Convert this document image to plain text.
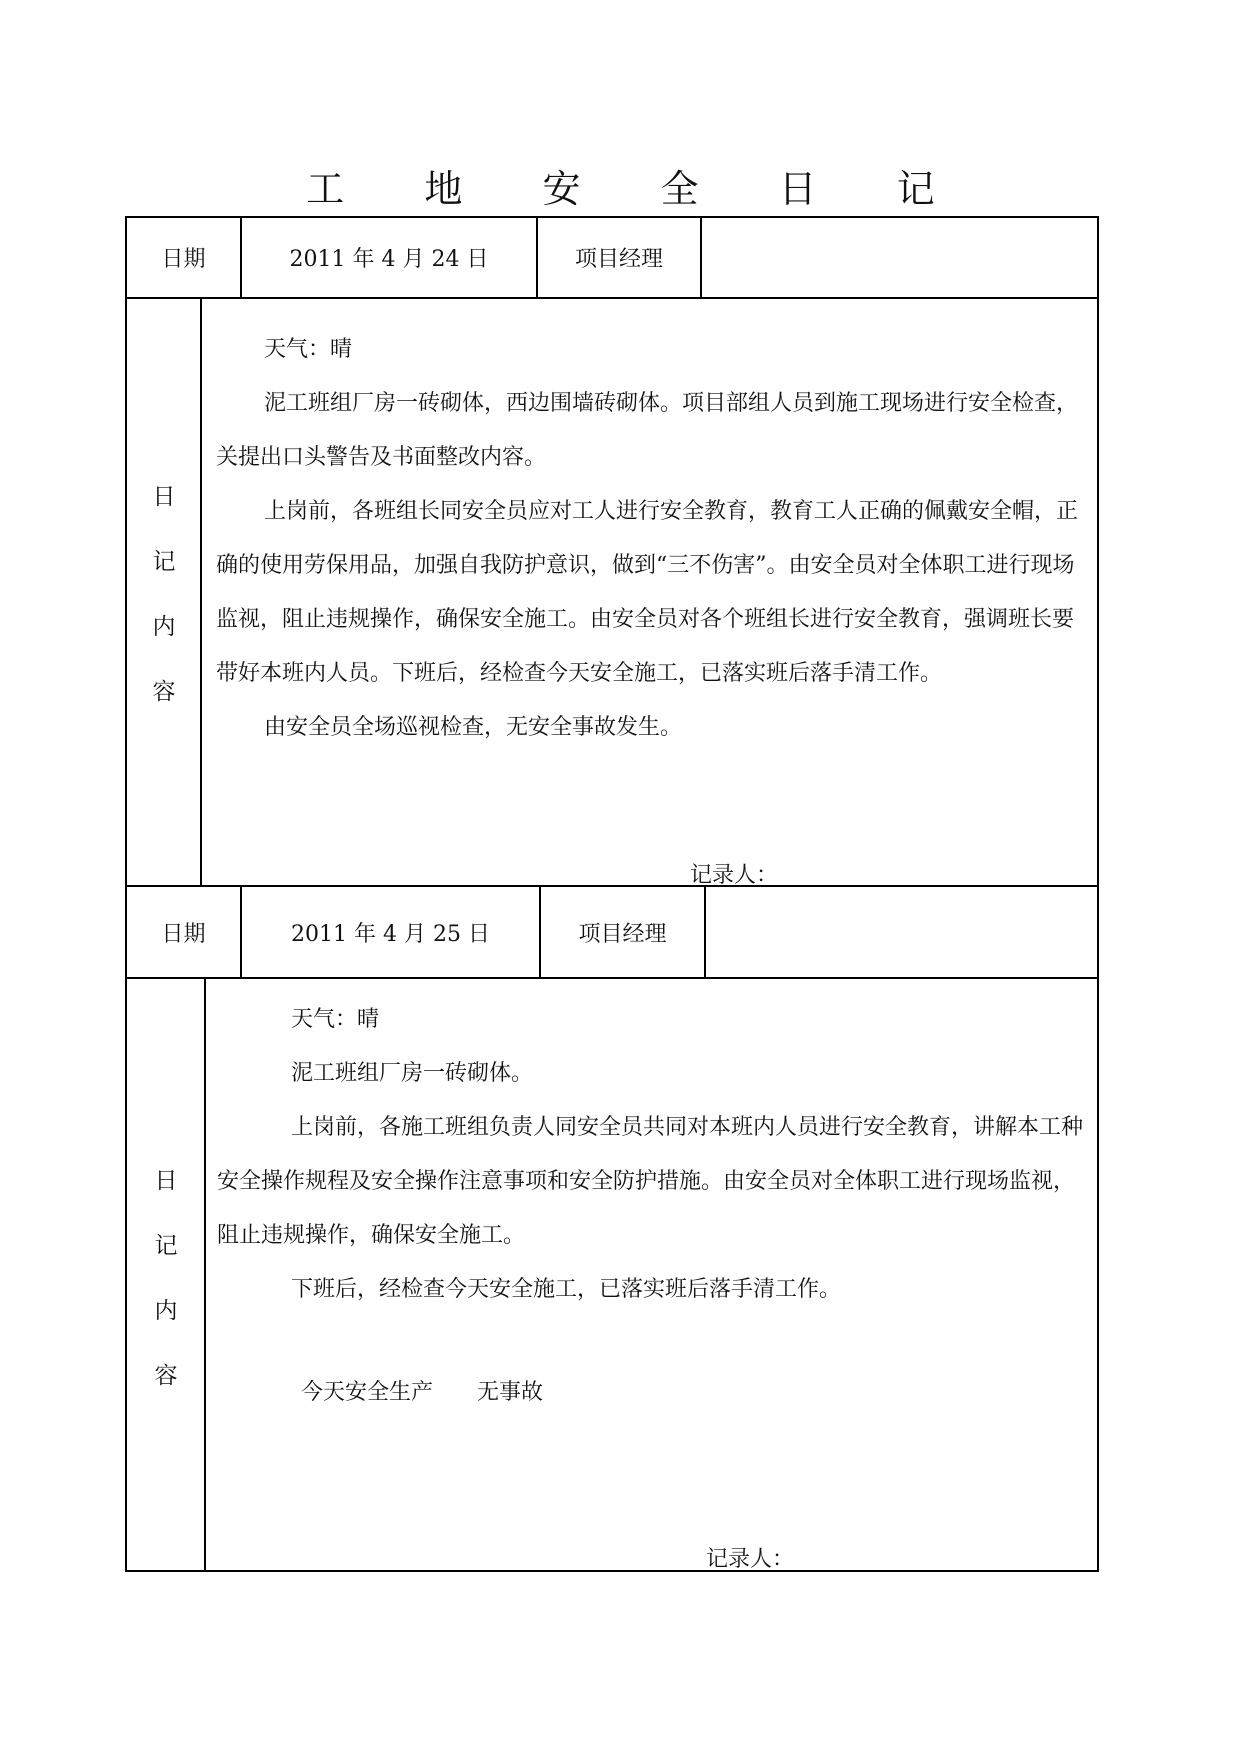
工 地 安 全 日 记
日期	2011 年 4 月 24 日	项目经理
日
记
内
容

天气：晴

泥工班组厂房一砖砌体，西边围墙砖砌体。项目部组人员到施工现场进行安全检查，关提出口头警告及书面整改内容。

上岗前，各班组长同安全员应对工人进行安全教育，教育工人正确的佩戴安全帽，正确的使用劳保用品，加强自我防护意识，做到“三不伤害”。由安全员对全体职工进行现场监视，阻止违规操作，确保安全施工。由安全员对各个班组长进行安全教育，强调班长要带好本班内人员。下班后，经检查今天安全施工，已落实班后落手清工作。

由安全员全场巡视检查，无安全事故发生。

记录人：
日期	2011 年 4 月 25 日	项目经理
日
记
内
容

天气：晴

泥工班组厂房一砖砌体。

上岗前，各施工班组负责人同安全员共同对本班内人员进行安全教育，讲解本工种安全操作规程及安全操作注意事项和安全防护措施。由安全员对全体职工进行现场监视，阻止违规操作，确保安全施工。

下班后，经检查今天安全施工，已落实班后落手清工作。

今天安全生产　　无事故
记录人：
